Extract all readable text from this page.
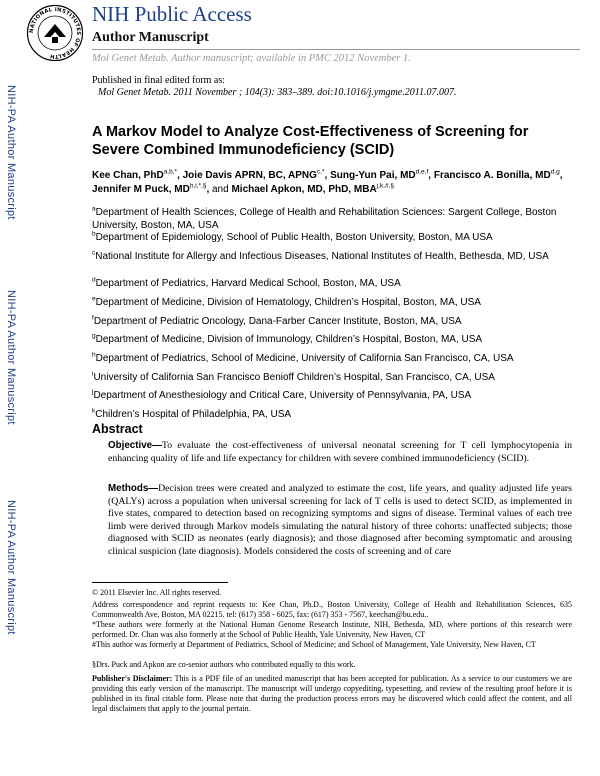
NATIONAL INSTITUTES OF HEALTH
NIH Public Access
Author Manuscript
Mol Genet Metab. Author manuscript; available in PMC 2012 November 1.
Published in final edited form as:
Mol Genet Metab. 2011 November ; 104(3): 383–389. doi:10.1016/j.ymgme.2011.07.007.
NIH-PA Author Manuscript
NIH-PA Author Manuscript
NIH-PA Author Manuscript
A Markov Model to Analyze Cost-Effectiveness of Screening for Severe Combined Immunodeficiency (SCID)
Kee Chan, PhD$^{a,b,*}$, Joie Davis APRN, BC, $APNG^{c,*}$, Sung-Yun Pai, MD$^{d,e,f}$, Francisco A. Bonilla, MD$^{d,g}$, Jennifer M Puck, $MD^{h,i,*,\S}$, and Michael Apkon, MD, PhD, $MBA^{j,k,\#,\S}$
$^a$Department of Health Sciences, College of Health and Rehabilitation Sciences: Sargent College, Boston University, Boston, MA, USA
$^b$Department of Epidemiology, School of Public Health, Boston University, Boston, MA USA
$^c$National Institute for Allergy and Infectious Diseases, National Institutes of Health, Bethesda, MD, USA
$^d$Department of Pediatrics, Harvard Medical School, Boston, MA, USA
$^e$Department of Medicine, Division of Hematology, Children’s Hospital, Boston, MA, USA
$^f$Department of Pediatric Oncology, Dana-Farber Cancer Institute, Boston, MA, USA
$^g$Department of Medicine, Division of Immunology, Children’s Hospital, Boston, MA, USA
$^h$Department of Pediatrics, School of Medicine, University of California San Francisco, CA, USA
$^i$University of California San Francisco Benioff Children’s Hospital, San Francisco, CA, USA
$^j$Department of Anesthesiology and Critical Care, University of Pennsylvania, PA, USA
$^k$Children’s Hospital of Philadelphia, PA, USA
Abstract
Objective—To evaluate the cost-effectiveness of universal neonatal screening for T cell lymphocytopenia in enhancing quality of life and life expectancy for children with severe combined immunodeficiency (SCID).
Methods—Decision trees were created and analyzed to estimate the cost, life years, and quality adjusted life years (QALYs) across a population when universal screening for lack of T cells is used to detect SCID, as implemented in five states, compared to detection based on recognizing symptoms and signs of disease. Terminal values of each tree limb were derived through Markov models simulating the natural history of three cohorts: unaffected subjects; those diagnosed with SCID as neonates (early diagnosis); and those diagnosed after becoming symptomatic and arousing clinical suspicion (late diagnosis). Models considered the costs of screening and of care
© 2011 Elsevier Inc. All rights reserved.
Address correspondence and reprint requests to: Kee Chan, Ph.D., Boston University, College of Health and Rehabilitation Sciences, 635 Commonwealth Ave, Boston, MA 02215. tel: (617) 358 - 6025, fax: (617) 353 - 7567, keechan@bu.edu..
*These authors were formerly at the National Human Genome Research Institute, NIH, Bethesda, MD, where portions of this research were performed. Dr. Chan was also formerly at the School of Public Health, Yale University, New Haven, CT
#This author was formerly at Department of Pediatrics, School of Medicine; and School of Management, Yale University, New Haven, CT
§Drs. Puck and Apkon are co-senior authors who contributed equally to this work.
Publisher's Disclaimer: This is a PDF file of an unedited manuscript that has been accepted for publication. As a service to our customers we are providing this early version of the manuscript. The manuscript will undergo copyediting, typesetting, and review of the resulting proof before it is published in its final citable form. Please note that during the production process errors may be discovered which could affect the content, and all legal disclaimers that apply to the journal pertain.
